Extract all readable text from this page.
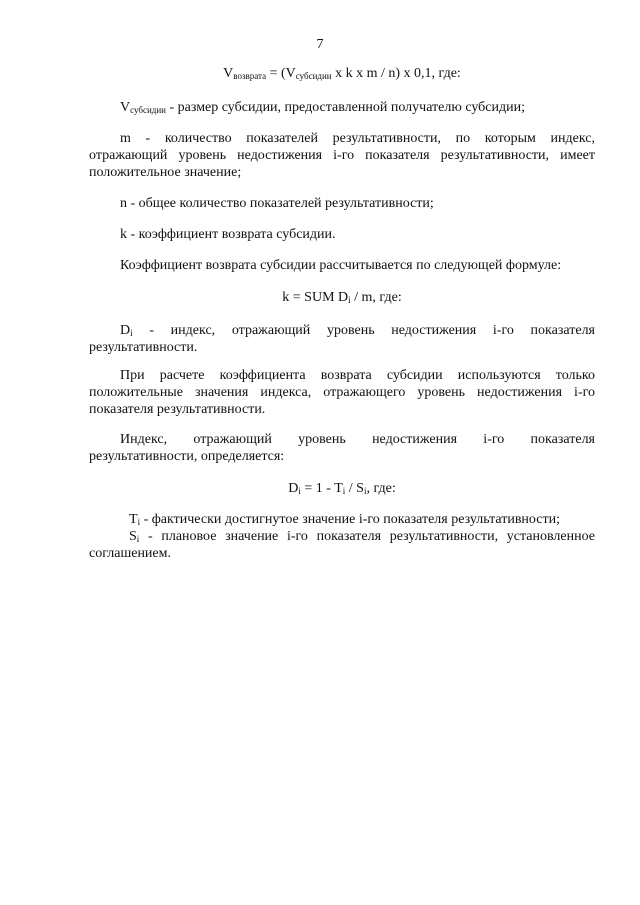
7
$V_{возврата} = (V_{субсидии}$ x k x m / n) x 0,1, где:
$V_{субсидии}$ - размер субсидии, предоставленной получателю субсидии;
m - количество показателей результативности, по которым индекс,
отражающий уровень недостижения i-го показателя результативности, имеет
положительное значение;
n - общее количество показателей результативности;
k - коэффициент возврата субсидии.
Коэффициент возврата субсидии рассчитывается по следующей формуле:
k = SUM $D_i$ / m, где:
$D_i$ - индекс, отражающий уровень недостижения i-го показателя
результативности.
При расчете коэффициента возврата субсидии используются только
положительные значения индекса, отражающего уровень недостижения i-го
показателя результативности.
Индекс, отражающий уровень недостижения i-го показателя
результативности, определяется:
$D_i = 1 - T_i / S_i$, где:
$T_i$ - фактически достигнутое значение i-го показателя результативности;
$S_i$ - плановое значение i-го показателя результативности, установленное
соглашением.
